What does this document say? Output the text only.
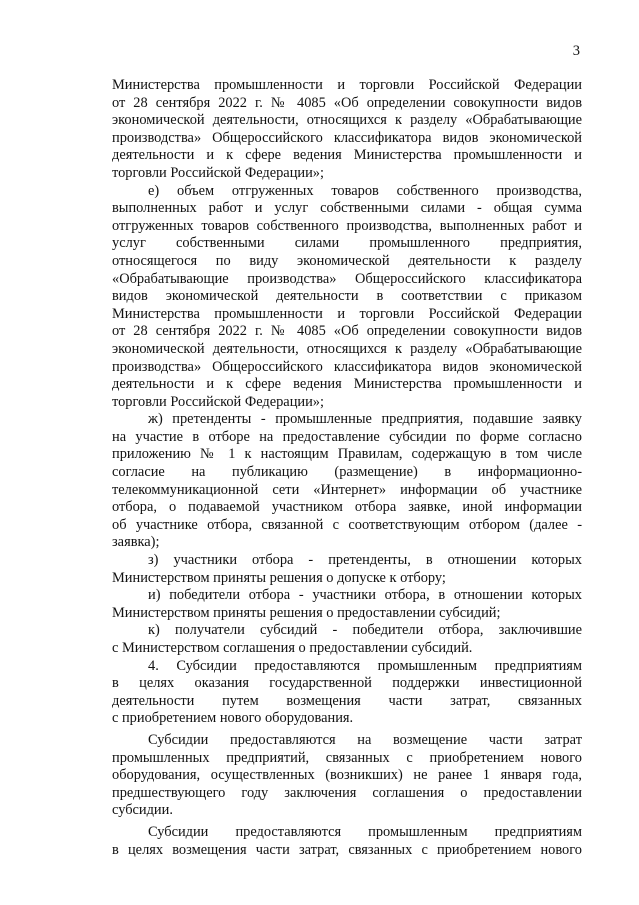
3
Министерства промышленности и торговли Российской Федерации
от 28 сентября 2022 г. № 4085 «Об определении совокупности видов
экономической деятельности, относящихся к разделу «Обрабатывающие
производства» Общероссийского классификатора видов экономической
деятельности и к сфере ведения Министерства промышленности и
торговли Российской Федерации»;
е) объем отгруженных товаров собственного производства,
выполненных работ и услуг собственными силами - общая сумма
отгруженных товаров собственного производства, выполненных работ и
услуг собственными силами промышленного предприятия,
относящегося по виду экономической деятельности к разделу
«Обрабатывающие производства» Общероссийского классификатора
видов экономической деятельности в соответствии с приказом
Министерства промышленности и торговли Российской Федерации
от 28 сентября 2022 г. № 4085 «Об определении совокупности видов
экономической деятельности, относящихся к разделу «Обрабатывающие
производства» Общероссийского классификатора видов экономической
деятельности и к сфере ведения Министерства промышленности и
торговли Российской Федерации»;
ж) претенденты - промышленные предприятия, подавшие заявку
на участие в отборе на предоставление субсидии по форме согласно
приложению № 1 к настоящим Правилам, содержащую в том числе
согласие на публикацию (размещение) в информационно-
телекоммуникационной сети «Интернет» информации об участнике
отбора, о подаваемой участником отбора заявке, иной информации
об участнике отбора, связанной с соответствующим отбором (далее -
заявка);
з) участники отбора - претенденты, в отношении которых
Министерством приняты решения о допуске к отбору;
и) победители отбора - участники отбора, в отношении которых
Министерством приняты решения о предоставлении субсидий;
к) получатели субсидий - победители отбора, заключившие
с Министерством соглашения о предоставлении субсидий.
4. Субсидии предоставляются промышленным предприятиям
в целях оказания государственной поддержки инвестиционной
деятельности путем возмещения части затрат, связанных
с приобретением нового оборудования.
Субсидии предоставляются на возмещение части затрат
промышленных предприятий, связанных с приобретением нового
оборудования, осуществленных (возникших) не ранее 1 января года,
предшествующего году заключения соглашения о предоставлении
субсидии.
Субсидии предоставляются промышленным предприятиям
в целях возмещения части затрат, связанных с приобретением нового
